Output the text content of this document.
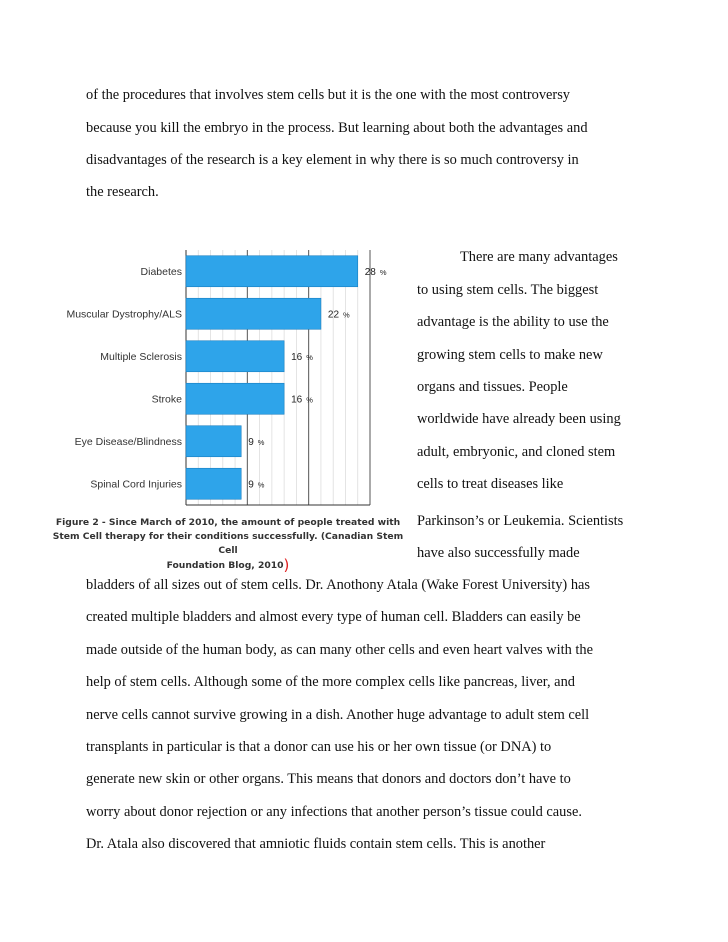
of the procedures that involves stem cells but it is the one with the most controversy
because you kill the embryo in the process. But learning about both the advantages and
disadvantages of the research is a key element in why there is so much controversy in
the research.
There are many advantages
to using stem cells. The biggest
advantage is the ability to use the
growing stem cells to make new
organs and tissues. People
worldwide have already been using
adult, embryonic, and cloned stem
cells to treat diseases like
Parkinson’s or Leukemia. Scientists
have also successfully made
Diabetes	28 %
Muscular Dystrophy/ALS	22 %
Multiple Sclerosis	16 %
Stroke	16 %
Eye Disease/Blindness	9 %
Spinal Cord Injuries	9 %

Figure 2 - Since March of 2010, the amount of people treated with
Stem Cell therapy for their conditions successfully. (Canadian Stem Cell
Foundation Blog, 2010)

bladders of all sizes out of stem cells. Dr. Anothony Atala (Wake Forest University) has
created multiple bladders and almost every type of human cell. Bladders can easily be
made outside of the human body, as can many other cells and even heart valves with the
help of stem cells. Although some of the more complex cells like pancreas, liver, and
nerve cells cannot survive growing in a dish. Another huge advantage to adult stem cell
transplants in particular is that a donor can use his or her own tissue (or DNA) to
generate new skin or other organs. This means that donors and doctors don’t have to
worry about donor rejection or any infections that another person’s tissue could cause.
Dr. Atala also discovered that amniotic fluids contain stem cells. This is another
